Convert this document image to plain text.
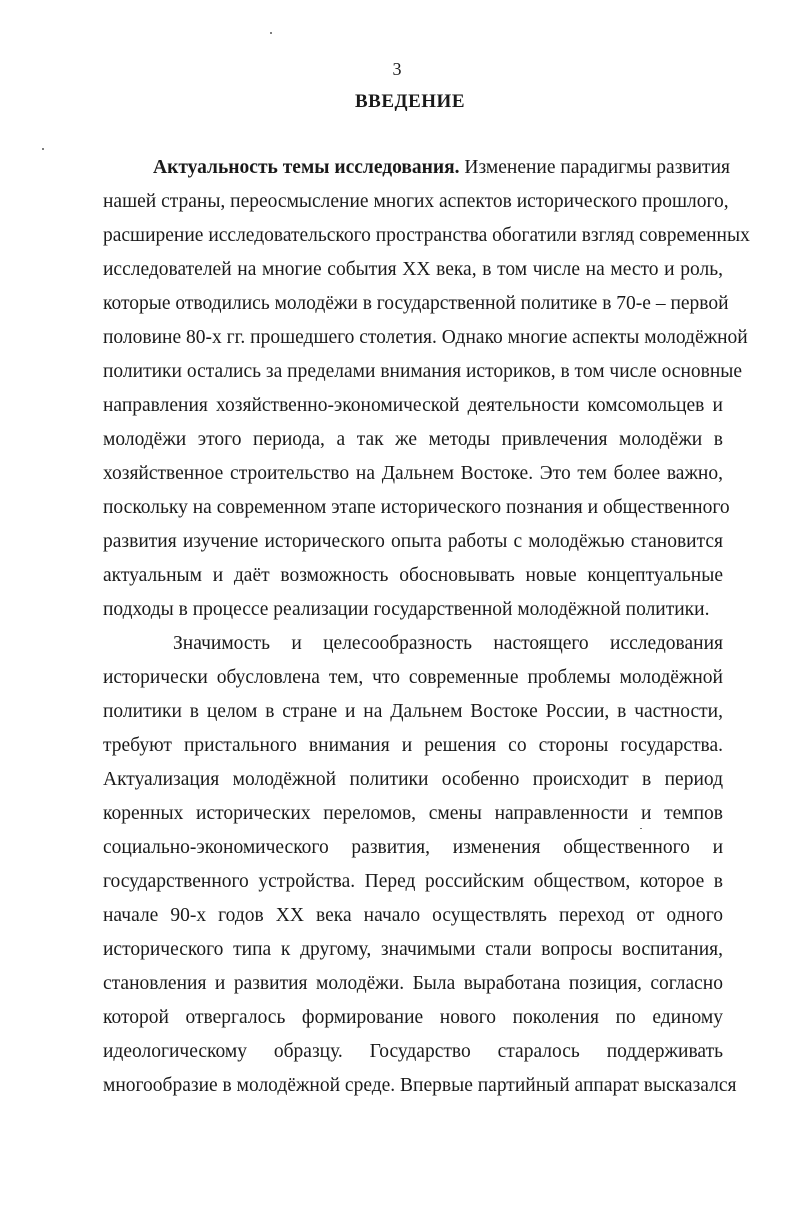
3
ВВЕДЕНИЕ
Актуальность темы исследования. Изменение парадигмы развития
нашей страны, переосмысление многих аспектов исторического прошлого,
расширение исследовательского пространства обогатили взгляд современных
исследователей на многие события XX века, в том числе на место и роль,
которые отводились молодёжи в государственной политике в 70-е – первой
половине 80-х гг. прошедшего столетия. Однако многие аспекты молодёжной
политики остались за пределами внимания историков, в том числе основные
направления хозяйственно-экономической деятельности комсомольцев и
молодёжи этого периода, а так же методы привлечения молодёжи в
хозяйственное строительство на Дальнем Востоке. Это тем более важно,
поскольку на современном этапе исторического познания и общественного
развития изучение исторического опыта работы с молодёжью становится
актуальным и даёт возможность обосновывать новые концептуальные
подходы в процессе реализации государственной молодёжной политики.
Значимость и целесообразность настоящего исследования
исторически обусловлена тем, что современные проблемы молодёжной
политики в целом в стране и на Дальнем Востоке России, в частности,
требуют пристального внимания и решения со стороны государства.
Актуализация молодёжной политики особенно происходит в период
коренных исторических переломов, смены направленности и темпов
социально-экономического развития, изменения общественного и
государственного устройства. Перед российским обществом, которое в
начале 90-х годов XX века начало осуществлять переход от одного
исторического типа к другому, значимыми стали вопросы воспитания,
становления и развития молодёжи. Была выработана позиция, согласно
которой отвергалось формирование нового поколения по единому
идеологическому образцу. Государство старалось поддерживать
многообразие в молодёжной среде. Впервые партийный аппарат высказался
